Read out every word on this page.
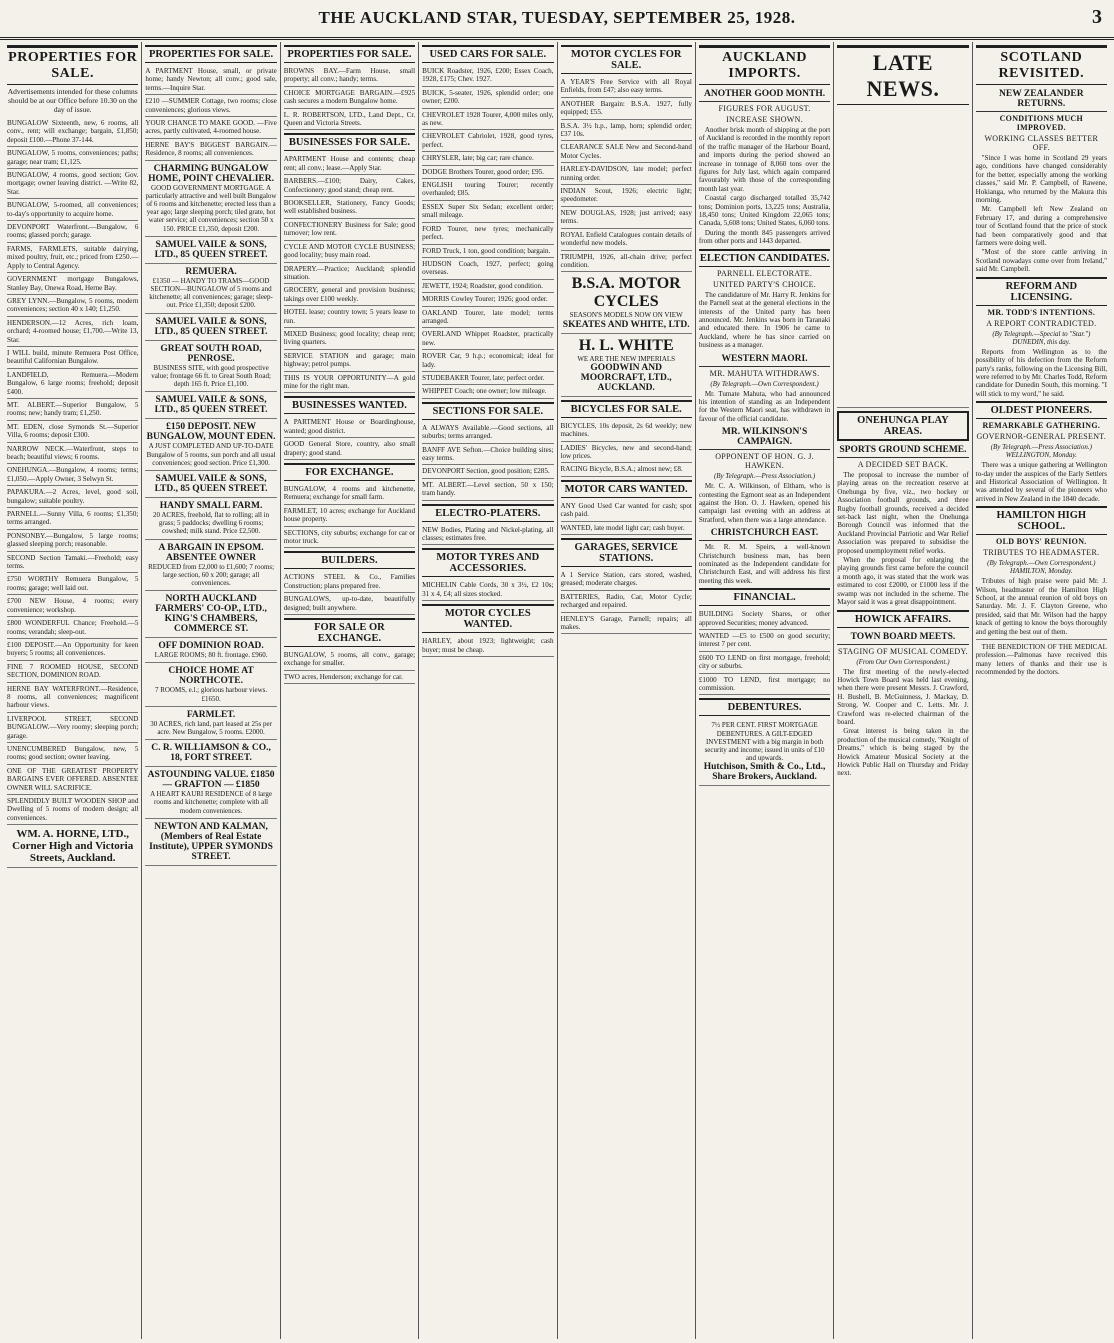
THE AUCKLAND STAR, TUESDAY, SEPTEMBER 25, 1928.	3
PROPERTIES FOR SALE.
Advertisements intended for these columns should be at our Office before 10.30 on the day of issue.
BUNGALOW Sixteenth, new, 6 rooms, all conv., rent; will exchange; bargain, £1,850; deposit £100.—Phone 37-144.
BUNGALOW, 5 rooms, conveniences; paths; garage; near tram; £1,125.
BUNGALOW, 4 rooms, good section; Gov. mortgage; owner leaving district. —Write 82, Star.
BUNGALOW, 5-roomed, all conveniences; to-day's opportunity to acquire home.
DEVONPORT Waterfront.—Bungalow, 6 rooms; glassed porch; garage.
FARMS, FARMLETS, suitable dairying, mixed poultry, fruit, etc.; priced from £250.—Apply to Central Agency.
GOVERNMENT mortgage Bungalows, Stanley Bay, Onewa Road, Herne Bay.
GREY LYNN.—Bungalow, 5 rooms, modern conveniences; section 40 x 140; £1,250.
HENDERSON.—12 Acres, rich loam, orchard; 4-roomed house; £1,700.—Write 13, Star.
I WILL build, minute Remuera Post Office, beautiful Californian Bungalow.
LANDFIELD, Remuera.—Modern Bungalow, 6 large rooms; freehold; deposit £400.
MT. ALBERT.—Superior Bungalow, 5 rooms; new; handy tram; £1,250.
MT. EDEN, close Symonds St.—Superior Villa, 6 rooms; deposit £300.
NARROW NECK.—Waterfront, steps to beach; beautiful views; 6 rooms.
ONEHUNGA.—Bungalow, 4 rooms; terms; £1,050.—Apply Owner, 3 Selwyn St.
PAPAKURA.—2 Acres, level, good soil, bungalow; suitable poultry.
PARNELL.—Sunny Villa, 6 rooms; £1,350; terms arranged.
PONSONBY.—Bungalow, 5 large rooms; glassed sleeping porch; reasonable.
SECOND Section Tamaki.—Freehold; easy terms.
£750 WORTHY Remuera Bungalow, 5 rooms; garage; well laid out.
£700 NEW House, 4 rooms; every convenience; workshop.
£800 WONDERFUL Chance; Freehold.—5 rooms; verandah; sleep-out.
£100 DEPOSIT.—An Opportunity for keen buyers; 5 rooms; all conveniences.
FINE 7 ROOMED HOUSE, SECOND SECTION, DOMINION ROAD.
HERNE BAY WATERFRONT.—Residence, 8 rooms, all conveniences; magnificent harbour views.
LIVERPOOL STREET, SECOND BUNGALOW.—Very roomy; sleeping porch; garage.
UNENCUMBERED Bungalow, new, 5 rooms; good section; owner leaving.
ONE OF THE GREATEST PROPERTY BARGAINS EVER OFFERED. ABSENTEE OWNER WILL SACRIFICE.
SPLENDIDLY BUILT WOODEN SHOP and Dwelling of 5 rooms of modern design; all conveniences.
WM. A. HORNE, LTD., Corner High and Victoria Streets, Auckland.
PROPERTIES FOR SALE.
A PARTMENT House, small, or private home; handy Newton; all conv.; good sale, terms.—Inquire Star.
£210 —SUMMER Cottage, two rooms; close conveniences; glorious views.
YOUR CHANCE TO MAKE GOOD. —Five acres, partly cultivated, 4-roomed house.
HERNE BAY'S BIGGEST BARGAIN.—Residence, 8 rooms; all conveniences.
CHARMING BUNGALOW HOME, POINT CHEVALIER.
GOOD GOVERNMENT MORTGAGE. A particularly attractive and well built Bungalow of 6 rooms and kitchenette; erected less than a year ago; large sleeping porch; tiled grate, hot water service; all conveniences; section 50 x 150. PRICE £1,350, deposit £200.
SAMUEL VAILE & SONS, LTD., 85 QUEEN STREET.
REMUERA.
£1350 — HANDY TO TRAMS—GOOD SECTION—BUNGALOW of 5 rooms and kitchenette; all conveniences; garage; sleep-out. Price £1,350; deposit £200.
SAMUEL VAILE & SONS, LTD., 85 QUEEN STREET.
GREAT SOUTH ROAD, PENROSE.
BUSINESS SITE, with good prospective value; frontage 66 ft. to Great South Road; depth 165 ft. Price £1,100.
SAMUEL VAILE & SONS, LTD., 85 QUEEN STREET.
£150 DEPOSIT. NEW BUNGALOW, MOUNT EDEN.
A JUST COMPLETED AND UP-TO-DATE Bungalow of 5 rooms, sun porch and all usual conveniences; good section. Price £1,300.
SAMUEL VAILE & SONS, LTD., 85 QUEEN STREET.
HANDY SMALL FARM.
20 ACRES, freehold, flat to rolling; all in grass; 5 paddocks; dwelling 6 rooms; cowshed; milk stand. Price £2,500.
A BARGAIN IN EPSOM. ABSENTEE OWNER
REDUCED from £2,000 to £1,600; 7 rooms; large section, 60 x 200; garage; all conveniences.
NORTH AUCKLAND FARMERS' CO-OP., LTD., KING'S CHAMBERS, COMMERCE ST.
OFF DOMINION ROAD.
LARGE ROOMS; 80 ft. frontage. £960.
CHOICE HOME AT NORTHCOTE.
7 ROOMS, e.l.; glorious harbour views. £1650.
FARMLET.
30 ACRES, rich land, part leased at 25s per acre. New Bungalow, 5 rooms. £2000.
C. R. WILLIAMSON & CO., 18, FORT STREET.
ASTOUNDING VALUE. £1850 — GRAFTON — £1850
A HEART KAURI RESIDENCE of 8 large rooms and kitchenette; complete with all modern conveniences.
NEWTON AND KALMAN, (Members of Real Estate Institute), UPPER SYMONDS STREET.
PROPERTIES FOR SALE.
BROWNS BAY.—Farm House, small property; all conv.; handy; terms.
CHOICE MORTGAGE BARGAIN.—£925 cash secures a modern Bungalow home.
L. R. ROBERTSON, LTD., Land Dept., Cr. Queen and Victoria Streets.
BUSINESSES FOR SALE.
APARTMENT House and contents; cheap rent; all conv.; lease.—Apply Star.
BARBERS.—£100; Dairy, Cakes, Confectionery; good stand; cheap rent.
BOOKSELLER, Stationery, Fancy Goods; well established business.
CONFECTIONERY Business for Sale; good turnover; low rent.
CYCLE AND MOTOR CYCLE BUSINESS; good locality; busy main road.
DRAPERY.—Practice; Auckland; splendid situation.
GROCERY, general and provision business; takings over £100 weekly.
HOTEL lease; country town; 5 years lease to run.
MIXED Business; good locality; cheap rent; living quarters.
SERVICE STATION and garage; main highway; petrol pumps.
THIS IS YOUR OPPORTUNITY—A gold mine for the right man.
BUSINESSES WANTED.
A PARTMENT House or Boardinghouse, wanted; good district.
GOOD General Store, country, also small drapery; good stand.
FOR EXCHANGE.
BUNGALOW, 4 rooms and kitchenette, Remuera; exchange for small farm.
FARMLET, 10 acres; exchange for Auckland house property.
SECTIONS, city suburbs; exchange for car or motor truck.
BUILDERS.
ACTIONS STEEL & Co., Families Construction; plans prepared free.
BUNGALOWS, up-to-date, beautifully designed; built anywhere.
FOR SALE OR EXCHANGE.
BUNGALOW, 5 rooms, all conv., garage; exchange for smaller.
TWO acres, Henderson; exchange for car.
USED CARS FOR SALE.
BUICK Roadster, 1926, £200; Essex Coach, 1928, £175; Chev. 1927.
BUICK, 5-seater, 1926, splendid order; one owner; £200.
CHEVROLET 1928 Tourer, 4,000 miles only, as new.
CHEVROLET Cabriolet, 1928, good tyres, perfect.
CHRYSLER, late; big car; rare chance.
DODGE Brothers Tourer, good order; £95.
ENGLISH touring Tourer; recently overhauled; £85.
ESSEX Super Six Sedan; excellent order; small mileage.
FORD Tourer, new tyres; mechanically perfect.
FORD Truck, 1 ton, good condition; bargain.
HUDSON Coach, 1927, perfect; going overseas.
JEWETT, 1924; Roadster, good condition.
MORRIS Cowley Tourer; 1926; good order.
OAKLAND Tourer, late model; terms arranged.
OVERLAND Whippet Roadster, practically new.
ROVER Car, 9 h.p.; economical; ideal for lady.
STUDEBAKER Tourer, late; perfect order.
WHIPPET Coach; one owner; low mileage.
SECTIONS FOR SALE.
A ALWAYS Available.—Good sections, all suburbs; terms arranged.
BANFF AVE Sefton.—Choice building sites; easy terms.
DEVONPORT Section, good position; £285.
MT. ALBERT.—Level section, 50 x 150; tram handy.
ELECTRO-PLATERS.
NEW Bodies, Plating and Nickel-plating, all classes; estimates free.
MOTOR TYRES AND ACCESSORIES.
MICHELIN Cable Cords, 30 x 3½, £2 10s; 31 x 4, £4; all sizes stocked.
MOTOR CYCLES WANTED.
HARLEY, about 1923; lightweight; cash buyer; must be cheap.
MOTOR CYCLES FOR SALE.
A YEAR'S Free Service with all Royal Enfields, from £47; also easy terms.
ANOTHER Bargain: B.S.A. 1927, fully equipped; £55.
B.S.A. 3½ h.p., lamp, horn; splendid order; £37 10s.
CLEARANCE SALE New and Second-hand Motor Cycles.
HARLEY-DAVIDSON, late model; perfect running order.
INDIAN Scout, 1926; electric light; speedometer.
NEW DOUGLAS, 1928; just arrived; easy terms.
ROYAL Enfield Catalogues contain details of wonderful new models.
TRIUMPH, 1926, all-chain drive; perfect condition.
B.S.A. MOTOR CYCLES
SEASON'S MODELS NOW ON VIEW
SKEATES AND WHITE, LTD.
H. L. WHITE
WE ARE THE NEW IMPERIALS
GOODWIN AND MOORCRAFT, LTD., AUCKLAND.
BICYCLES FOR SALE.
BICYCLES, 10s deposit, 2s 6d weekly; new machines.
LADIES' Bicycles, new and second-hand; low prices.
RACING Bicycle, B.S.A.; almost new; £8.
MOTOR CARS WANTED.
ANY Good Used Car wanted for cash; spot cash paid.
WANTED, late model light car; cash buyer.
GARAGES, SERVICE STATIONS.
A 1 Service Station, cars stored, washed, greased; moderate charges.
BATTERIES, Radio, Car, Motor Cycle; recharged and repaired.
HENLEY'S Garage, Parnell; repairs; all makes.
AUCKLAND IMPORTS.
ANOTHER GOOD MONTH.
FIGURES FOR AUGUST.
INCREASE SHOWN.

Another brisk month of shipping at the port of Auckland is recorded in the monthly report of the traffic manager of the Harbour Board, and imports during the period showed an increase in tonnage of 8,060 tons over the figures for July last, which again compared favourably with those of the corresponding month last year.

Coastal cargo discharged totalled 35,742 tons; Dominion ports, 13,225 tons; Australia, 18,450 tons; United Kingdom 22,065 tons; Canada, 5,608 tons; United States, 6,060 tons.

During the month 845 passengers arrived from other ports and 1443 departed.

ELECTION CANDIDATES.
PARNELL ELECTORATE.
UNITED PARTY'S CHOICE.

The candidature of Mr. Harry R. Jenkins for the Parnell seat at the general elections in the interests of the United party has been announced. Mr. Jenkins was born in Taranaki and educated there. In 1906 he came to Auckland, where he has since carried on business as a manager.

WESTERN MAORI.
MR. MAHUTA WITHDRAWS.
(By Telegraph.—Own Correspondent.)

Mr. Tumate Mahuta, who had announced his intention of standing as an Independent for the Western Maori seat, has withdrawn in favour of the official candidate.

MR. WILKINSON'S CAMPAIGN.
OPPONENT OF HON. G. J. HAWKEN.
(By Telegraph.—Press Association.)

Mr. C. A. Wilkinson, of Eltham, who is contesting the Egmont seat as an Independent against the Hon. O. J. Hawken, opened his campaign last evening with an address at Stratford, when there was a large attendance.

CHRISTCHURCH EAST.

Mr. R. M. Speirs, a well-known Christchurch business man, has been nominated as the Independent candidate for Christchurch East, and will address his first meeting this week.

FINANCIAL.
BUILDING Society Shares, or other approved Securities; money advanced.
WANTED —£5 to £500 on good security; interest 7 per cent.
£600 TO LEND on first mortgage, freehold; city or suburbs.
£1000 TO LEND, first mortgage; no commission.
DEBENTURES.
7½ PER CENT. FIRST MORTGAGE DEBENTURES. A GILT-EDGED INVESTMENT with a big margin in both security and income; issued in units of £10 and upwards.
Hutchison, Smith & Co., Ltd., Share Brokers, Auckland.
LATE NEWS.
ONEHUNGA PLAY AREAS.
SPORTS GROUND SCHEME.
A DECIDED SET BACK.

The proposal to increase the number of playing areas on the recreation reserve at Onehunga by five, viz., two hockey or Association football grounds, and three Rugby football grounds, received a decided set-back last night, when the Onehunga Borough Council was informed that the Auckland Provincial Patriotic and War Relief Association was prepared to subsidise the proposed unemployment relief works.

When the proposal for enlarging the playing grounds first came before the council a month ago, it was stated that the work was estimated to cost £2000, or £1000 less if the swamp was not included in the scheme. The Mayor said it was a great disappointment.

HOWICK AFFAIRS.
TOWN BOARD MEETS.
STAGING OF MUSICAL COMEDY.
(From Our Own Correspondent.)

The first meeting of the newly-elected Howick Town Board was held last evening, when there were present Messrs. J. Crawford, H. Bushell, B. McGuinness, J. Mackay, D. Strong, W. Cooper and C. Letts. Mr. J. Crawford was re-elected chairman of the board.

Great interest is being taken in the production of the musical comedy, "Knight of Dreams," which is being staged by the Howick Amateur Musical Society at the Howick Public Hall on Thursday and Friday next.

SCOTLAND REVISITED.
NEW ZEALANDER RETURNS.
CONDITIONS MUCH IMPROVED.
WORKING CLASSES BETTER OFF.

"Since I was home in Scotland 29 years ago, conditions have changed considerably for the better, especially among the working classes," said Mr. P. Campbell, of Rawene, Hokianga, who returned by the Makura this morning.

Mr. Campbell left New Zealand on February 17, and during a comprehensive tour of Scotland found that the price of stock had been comparatively good and that farmers were doing well.

"Most of the store cattle arriving in Scotland nowadays come over from Ireland," said Mr. Campbell.

REFORM AND LICENSING.
MR. TODD'S INTENTIONS.
A REPORT CONTRADICTED.
(By Telegraph.—Special to "Star.") DUNEDIN, this day.

Reports from Wellington as to the possibility of his defection from the Reform party's ranks, following on the Licensing Bill, were referred to by Mr. Charles Todd, Reform candidate for Dunedin South, this morning. "I will stick to my word," he said.

OLDEST PIONEERS.
REMARKABLE GATHERING.
GOVERNOR-GENERAL PRESENT.
(By Telegraph.—Press Association.) WELLINGTON, Monday.

There was a unique gathering at Wellington to-day under the auspices of the Early Settlers and Historical Association of Wellington. It was attended by several of the pioneers who arrived in New Zealand in the 1840 decade.

HAMILTON HIGH SCHOOL.
OLD BOYS' REUNION.
TRIBUTES TO HEADMASTER.
(By Telegraph.—Own Correspondent.) HAMILTON, Monday.

Tributes of high praise were paid Mr. J. Wilson, headmaster of the Hamilton High School, at the annual reunion of old boys on Saturday. Mr. J. F. Clayton Greene, who presided, said that Mr. Wilson had the happy knack of getting to know the boys thoroughly and getting the best out of them.

THE BENEDICTION OF THE MEDICAL profession.—Palmonas have received this many letters of thanks and their use is recommended by the doctors.
